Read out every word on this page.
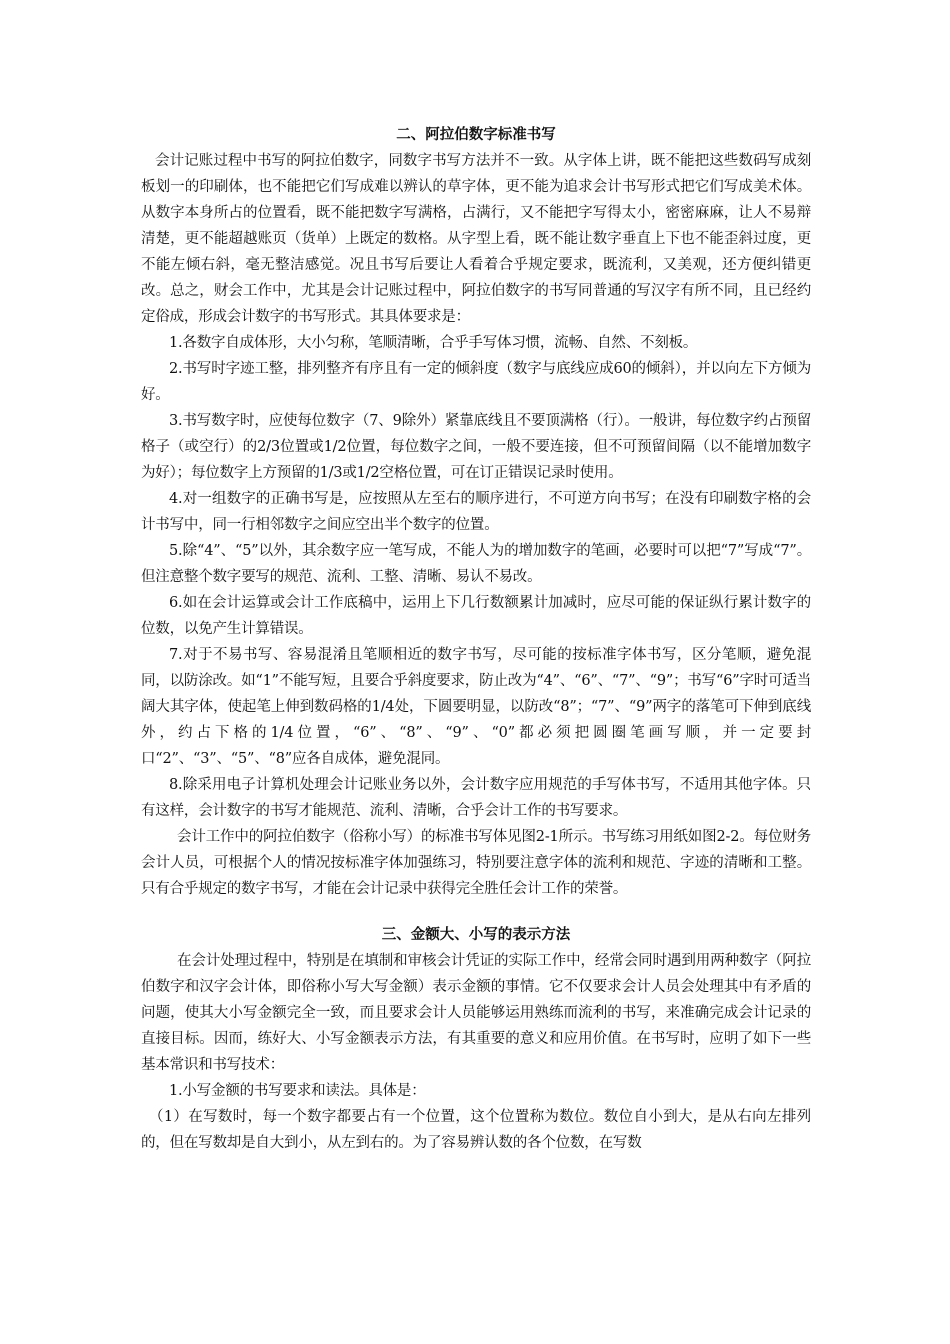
二、阿拉伯数字标准书写

会计记账过程中书写的阿拉伯数字，同数字书写方法并不一致。从字体上讲，既不能把这些数码写成刻板划一的印刷体，也不能把它们写成难以辨认的草字体，更不能为追求会计书写形式把它们写成美术体。从数字本身所占的位置看，既不能把数字写满格，占满行，又不能把字写得太小，密密麻麻，让人不易辩清楚，更不能超越账页（货单）上既定的数格。从字型上看，既不能让数字垂直上下也不能歪斜过度，更不能左倾右斜，毫无整洁感觉。况且书写后要让人看着合乎规定要求，既流利，又美观，还方便纠错更改。总之，财会工作中，尤其是会计记账过程中，阿拉伯数字的书写同普通的写汉字有所不同，且已经约定俗成，形成会计数字的书写形式。其具体要求是：

1.各数字自成体形，大小匀称，笔顺清晰，合乎手写体习惯，流畅、自然、不刻板。

2.书写时字迹工整，排列整齐有序且有一定的倾斜度（数字与底线应成60的倾斜），并以向左下方倾为好。

3.书写数字时，应使每位数字（7、9除外）紧靠底线且不要顶满格（行）。一般讲，每位数字约占预留格子（或空行）的2/3位置或1/2位置，每位数字之间，一般不要连接，但不可预留间隔（以不能增加数字为好）；每位数字上方预留的1/3或1/2空格位置，可在订正错误记录时使用。

4.对一组数字的正确书写是，应按照从左至右的顺序进行，不可逆方向书写；在没有印刷数字格的会计书写中，同一行相邻数字之间应空出半个数字的位置。

5.除“4”、“5”以外，其余数字应一笔写成，不能人为的增加数字的笔画，必要时可以把“7”写成“7”。但注意整个数字要写的规范、流利、工整、清晰、易认不易改。

6.如在会计运算或会计工作底稿中，运用上下几行数额累计加减时，应尽可能的保证纵行累计数字的位数，以免产生计算错误。

7.对于不易书写、容易混淆且笔顺相近的数字书写，尽可能的按标准字体书写，区分笔顺，避免混同，以防涂改。如“1”不能写短，且要合乎斜度要求，防止改为“4”、“6”、“7”、“9”；书写“6”字时可适当阔大其字体，使起笔上伸到数码格的1/4处，下圆要明显，以防改“8”；“7”、“9”两字的落笔可下伸到底线外，约占下格的1/4位置，“6”、“8”、“9”、“0”都必须把圆圈笔画写顺，并一定要封口“2”、“3”、“5”、“8”应各自成体，避免混同。

8.除采用电子计算机处理会计记账业务以外，会计数字应用规范的手写体书写，不适用其他字体。只有这样，会计数字的书写才能规范、流利、清晰，合乎会计工作的书写要求。

会计工作中的阿拉伯数字（俗称小写）的标准书写体见图2-1所示。书写练习用纸如图2-2。每位财务会计人员，可根据个人的情况按标准字体加强练习，特别要注意字体的流利和规范、字迹的清晰和工整。只有合乎规定的数字书写，才能在会计记录中获得完全胜任会计工作的荣誉。

三、金额大、小写的表示方法

在会计处理过程中，特别是在填制和审核会计凭证的实际工作中，经常会同时遇到用两种数字（阿拉伯数字和汉字会计体，即俗称小写大写金额）表示金额的事情。它不仅要求会计人员会处理其中有矛盾的问题，使其大小写金额完全一致，而且要求会计人员能够运用熟练而流利的书写，来准确完成会计记录的直接目标。因而，练好大、小写金额表示方法，有其重要的意义和应用价值。在书写时，应明了如下一些基本常识和书写技术：

1.小写金额的书写要求和读法。具体是：

（1）在写数时，每一个数字都要占有一个位置，这个位置称为数位。数位自小到大，是从右向左排列的，但在写数却是自大到小，从左到右的。为了容易辨认数的各个位数，在写数
